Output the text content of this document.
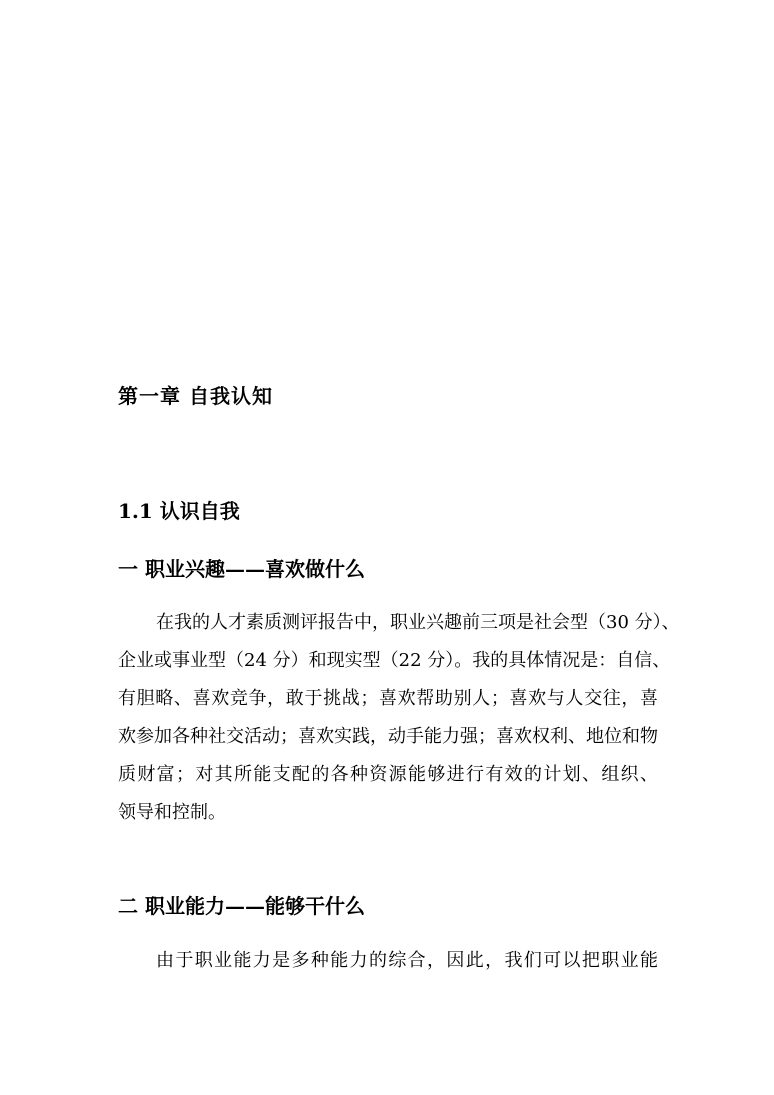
第一章 自我认知
1.1 认识自我
一 职业兴趣——喜欢做什么
在我的人才素质测评报告中，职业兴趣前三项是社会型（30 分）、
企业或事业型（24 分）和现实型（22 分）。我的具体情况是：自信、
有胆略、喜欢竞争，敢于挑战；喜欢帮助别人；喜欢与人交往，喜
欢参加各种社交活动；喜欢实践，动手能力强；喜欢权利、地位和物
质财富；对其所能支配的各种资源能够进行有效的计划、组织、
领导和控制。
二 职业能力——能够干什么
由于职业能力是多种能力的综合，因此，我们可以把职业能
